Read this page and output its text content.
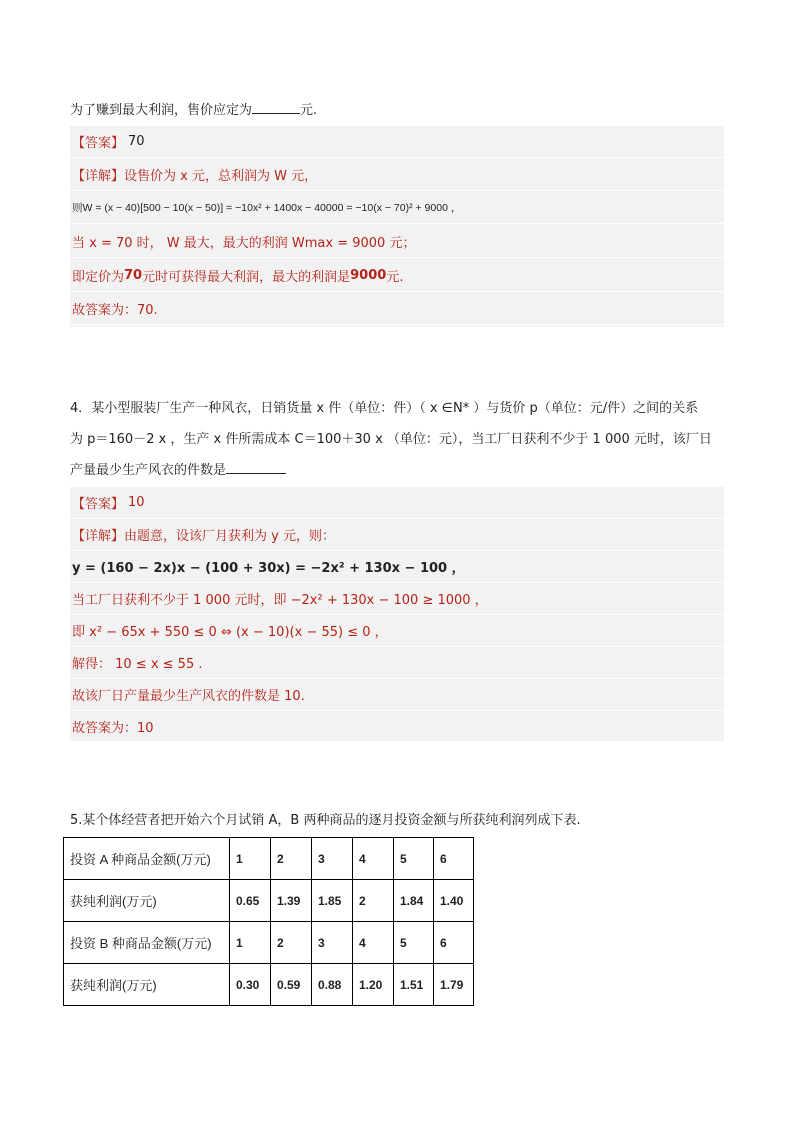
为了赚到最大利润，售价应定为	元.
【答案】 70
【详解】 设售价为 x 元，总利润为 W 元，
则W = (x − 40)[500 − 10(x − 50)] = −10x² + 1400x − 40000 = −10(x − 70)² + 9000 ，
当 x = 70 时， W 最大，最大的利润 Wmax = 9000 元；
即定价为 70 元时可获得最大利润，最大的利润是 9000 元.
故答案为：70.
4．某小型服装厂生产一种风衣，日销货量 x 件（单位：件）（ x ∈N* ）与货价 p（单位：元/件）之间的关系
为 p＝160－2 x ，生产 x 件所需成本 C＝100＋30 x （单位：元），当工厂日获利不少于 1 000 元时，该厂日
产量最少生产风衣的件数是
【答案】 10
【详解】 由题意，设该厂月获利为 y 元，则：
y = (160 − 2x)x − (100 + 30x) = −2x² + 130x − 100 ，
当工厂日获利不少于 1 000 元时，即 −2x² + 130x − 100 ≥ 1000 ，
即 x² − 65x + 550 ≤ 0 ⇔ (x − 10)(x − 55) ≤ 0 ，
解得： 10 ≤ x ≤ 55 .
故该厂日产量最少生产风衣的件数是 10.
故答案为：10
5.某个体经营者把开始六个月试销 A，B 两种商品的逐月投资金额与所获纯利润列成下表.
投资 A 种商品金额(万元)	1	2	3	4	5	6
获纯利润(万元)	0.65	1.39	1.85	2	1.84	1.40
投资 B 种商品金额(万元)	1	2	3	4	5	6
获纯利润(万元)	0.30	0.59	0.88	1.20	1.51	1.79
